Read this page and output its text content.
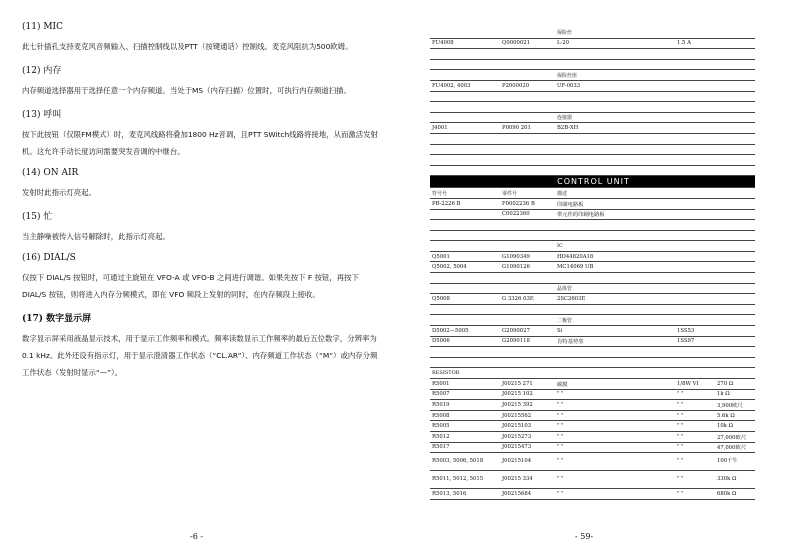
(11) MIC
此七针插孔支持麦克风音频输入、扫描控制线以及PTT（按键通话）控制线。麦克风阻抗为500欧姆。
(12) 内存
内存频道选择器用于选择任意一个内存频道。当处于MS（内存扫描）位置时，可执行内存频道扫描。
(13) 呼叫
按下此按钮（仅限FM模式）时，麦克风线路将叠加1800 Hz音调，且PTT SWitch线路将接地，从而激活发射机。这允许手动长度访问需要突发音调的中继台。
(14) ON AIR
发射时此指示灯亮起。
(15) 忙
当主静噪被传入信号解除时，此指示灯亮起。
(16) DIAL/S
仅按下 DIAL/S 按钮时，可通过主旋钮在 VFO-A 或 VFO-B 之间进行调谐。如果先按下 F 按钮，再按下 DIAL/S 按钮，则将进入内存分频模式，即在 VFO 频段上发射的同时，在内存频段上接收。
(17) 数字显示屏
数字显示屏采用液晶显示技术，用于显示工作频率和模式。频率读数显示工作频率的最后五位数字，分辨率为0.1 kHz。此外还设有指示灯，用于显示澄清器工作状态（“CL.AR”）、内存频道工作状态（“M”）或内存分频工作状态（发射时显示“—”）。
-6 -
		保险丝		
FU4008	Q0000021	L-20	1.5 A	

		保险丝座		
FU4002, 4003	P2000020	UF-0033		

		连接器		
J4001	P0090 201	B2B-XH		

CONTROL UNIT				
符号号	零件号	描述		
PB-2226 B	F0002236 B	印刷电路板		
	C0022360	带元件的印刷电路板		

		IC		
Q5001	G1090349	HD44820A18		
Q5002, 5004	G1090126	MC14069 UB		

		晶体管		
Q5008	G 3326 03E	2SC2603E		

		二极管		
D5002—5005	G2090027	Si	1SS53	
D5006	G2090118	肖特基势垒	1SS97	

RESISTOR				
R5001	J00215 271	碳膜	1/8W VI	270 Ω
R5007	J00215 102	" "	" "	1k Ω
R5019	J00215 392	" "	" "	3,900欧尺
R5008	J00215562	" "	" "	5.6k Ω
R5005	J00215103	" "	" "	10k Ω
R5012	J00215273	" "	" "	27,000欧尺
R5017	J00215473	" "	" "	47,000欧尺
R5003, 5006, 5018	J00215104	" "	" "	100千牛
R5011, 5012, 5015	J00215 334	" "	" "	330k Ω
R5013, 5016	J00215684	" "	" "	680k Ω
- 59-
